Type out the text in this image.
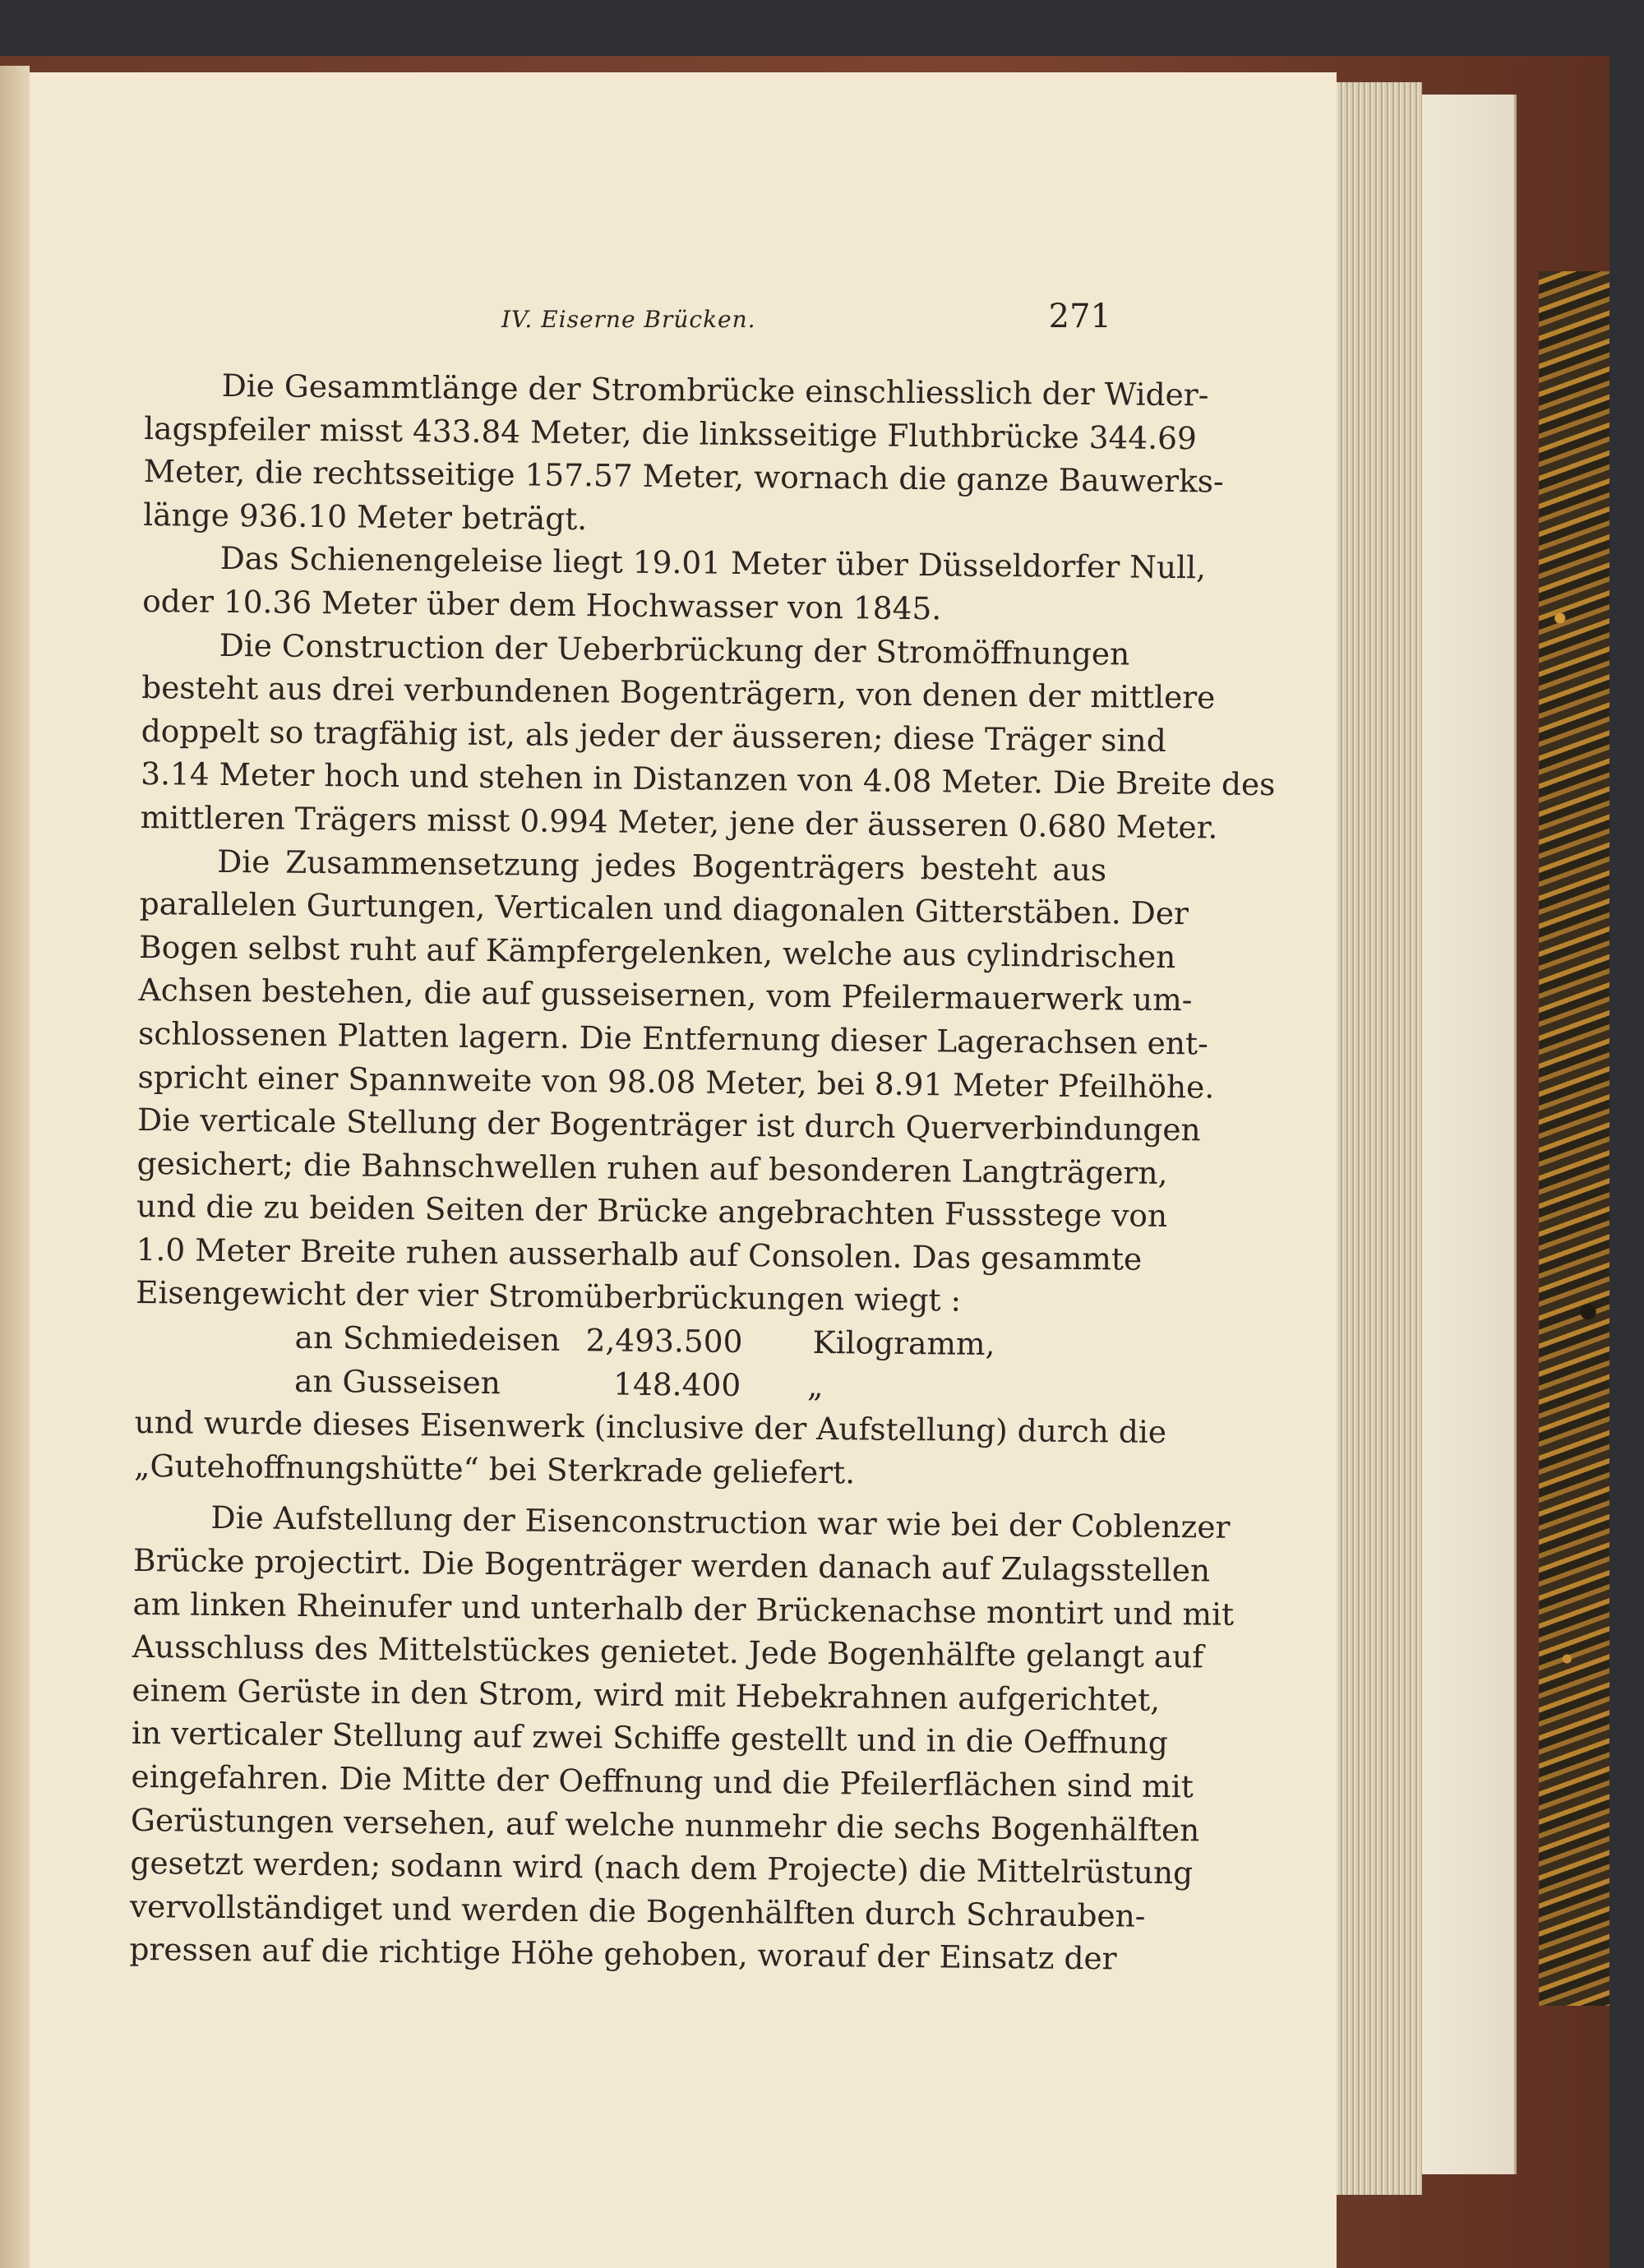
IV. Eiserne Brücken.	271
Die Gesammtlänge der Strombrücke einschliesslich der Wider-
lagspfeiler misst 433.84 Meter, die linksseitige Fluthbrücke 344.69
Meter, die rechtsseitige 157.57 Meter, wornach die ganze Bauwerks-
länge 936.10 Meter beträgt.
Das Schienengeleise liegt 19.01 Meter über Düsseldorfer Null,
oder 10.36 Meter über dem Hochwasser von 1845.
Die Construction der Ueberbrückung der Stromöffnungen
besteht aus drei verbundenen Bogenträgern, von denen der mittlere
doppelt so tragfähig ist, als jeder der äusseren; diese Träger sind
3.14 Meter hoch und stehen in Distanzen von 4.08 Meter. Die Breite des
mittleren Trägers misst 0.994 Meter, jene der äusseren 0.680 Meter.
Die Zusammensetzung jedes Bogenträgers besteht aus
parallelen Gurtungen, Verticalen und diagonalen Gitterstäben. Der
Bogen selbst ruht auf Kämpfergelenken, welche aus cylindrischen
Achsen bestehen, die auf gusseisernen, vom Pfeilermauerwerk um-
schlossenen Platten lagern. Die Entfernung dieser Lagerachsen ent-
spricht einer Spannweite von 98.08 Meter, bei 8.91 Meter Pfeilhöhe.
Die verticale Stellung der Bogenträger ist durch Querverbindungen
gesichert; die Bahnschwellen ruhen auf besonderen Langträgern,
und die zu beiden Seiten der Brücke angebrachten Fussstege von
1.0 Meter Breite ruhen ausserhalb auf Consolen. Das gesammte
Eisengewicht der vier Stromüberbrückungen wiegt :
an Schmiedeisen 2,493.500 Kilogramm,
an Gusseisen	148.400 „
und wurde dieses Eisenwerk (inclusive der Aufstellung) durch die
„Gutehoffnungshütte“ bei Sterkrade geliefert.
Die Aufstellung der Eisenconstruction war wie bei der Coblenzer
Brücke projectirt. Die Bogenträger werden danach auf Zulagsstellen
am linken Rheinufer und unterhalb der Brückenachse montirt und mit
Ausschluss des Mittelstückes genietet. Jede Bogenhälfte gelangt auf
einem Gerüste in den Strom, wird mit Hebekrahnen aufgerichtet,
in verticaler Stellung auf zwei Schiffe gestellt und in die Oeffnung
eingefahren. Die Mitte der Oeffnung und die Pfeilerflächen sind mit
Gerüstungen versehen, auf welche nunmehr die sechs Bogenhälften
gesetzt werden; sodann wird (nach dem Projecte) die Mittelrüstung
vervollständiget und werden die Bogenhälften durch Schrauben-
pressen auf die richtige Höhe gehoben, worauf der Einsatz der
